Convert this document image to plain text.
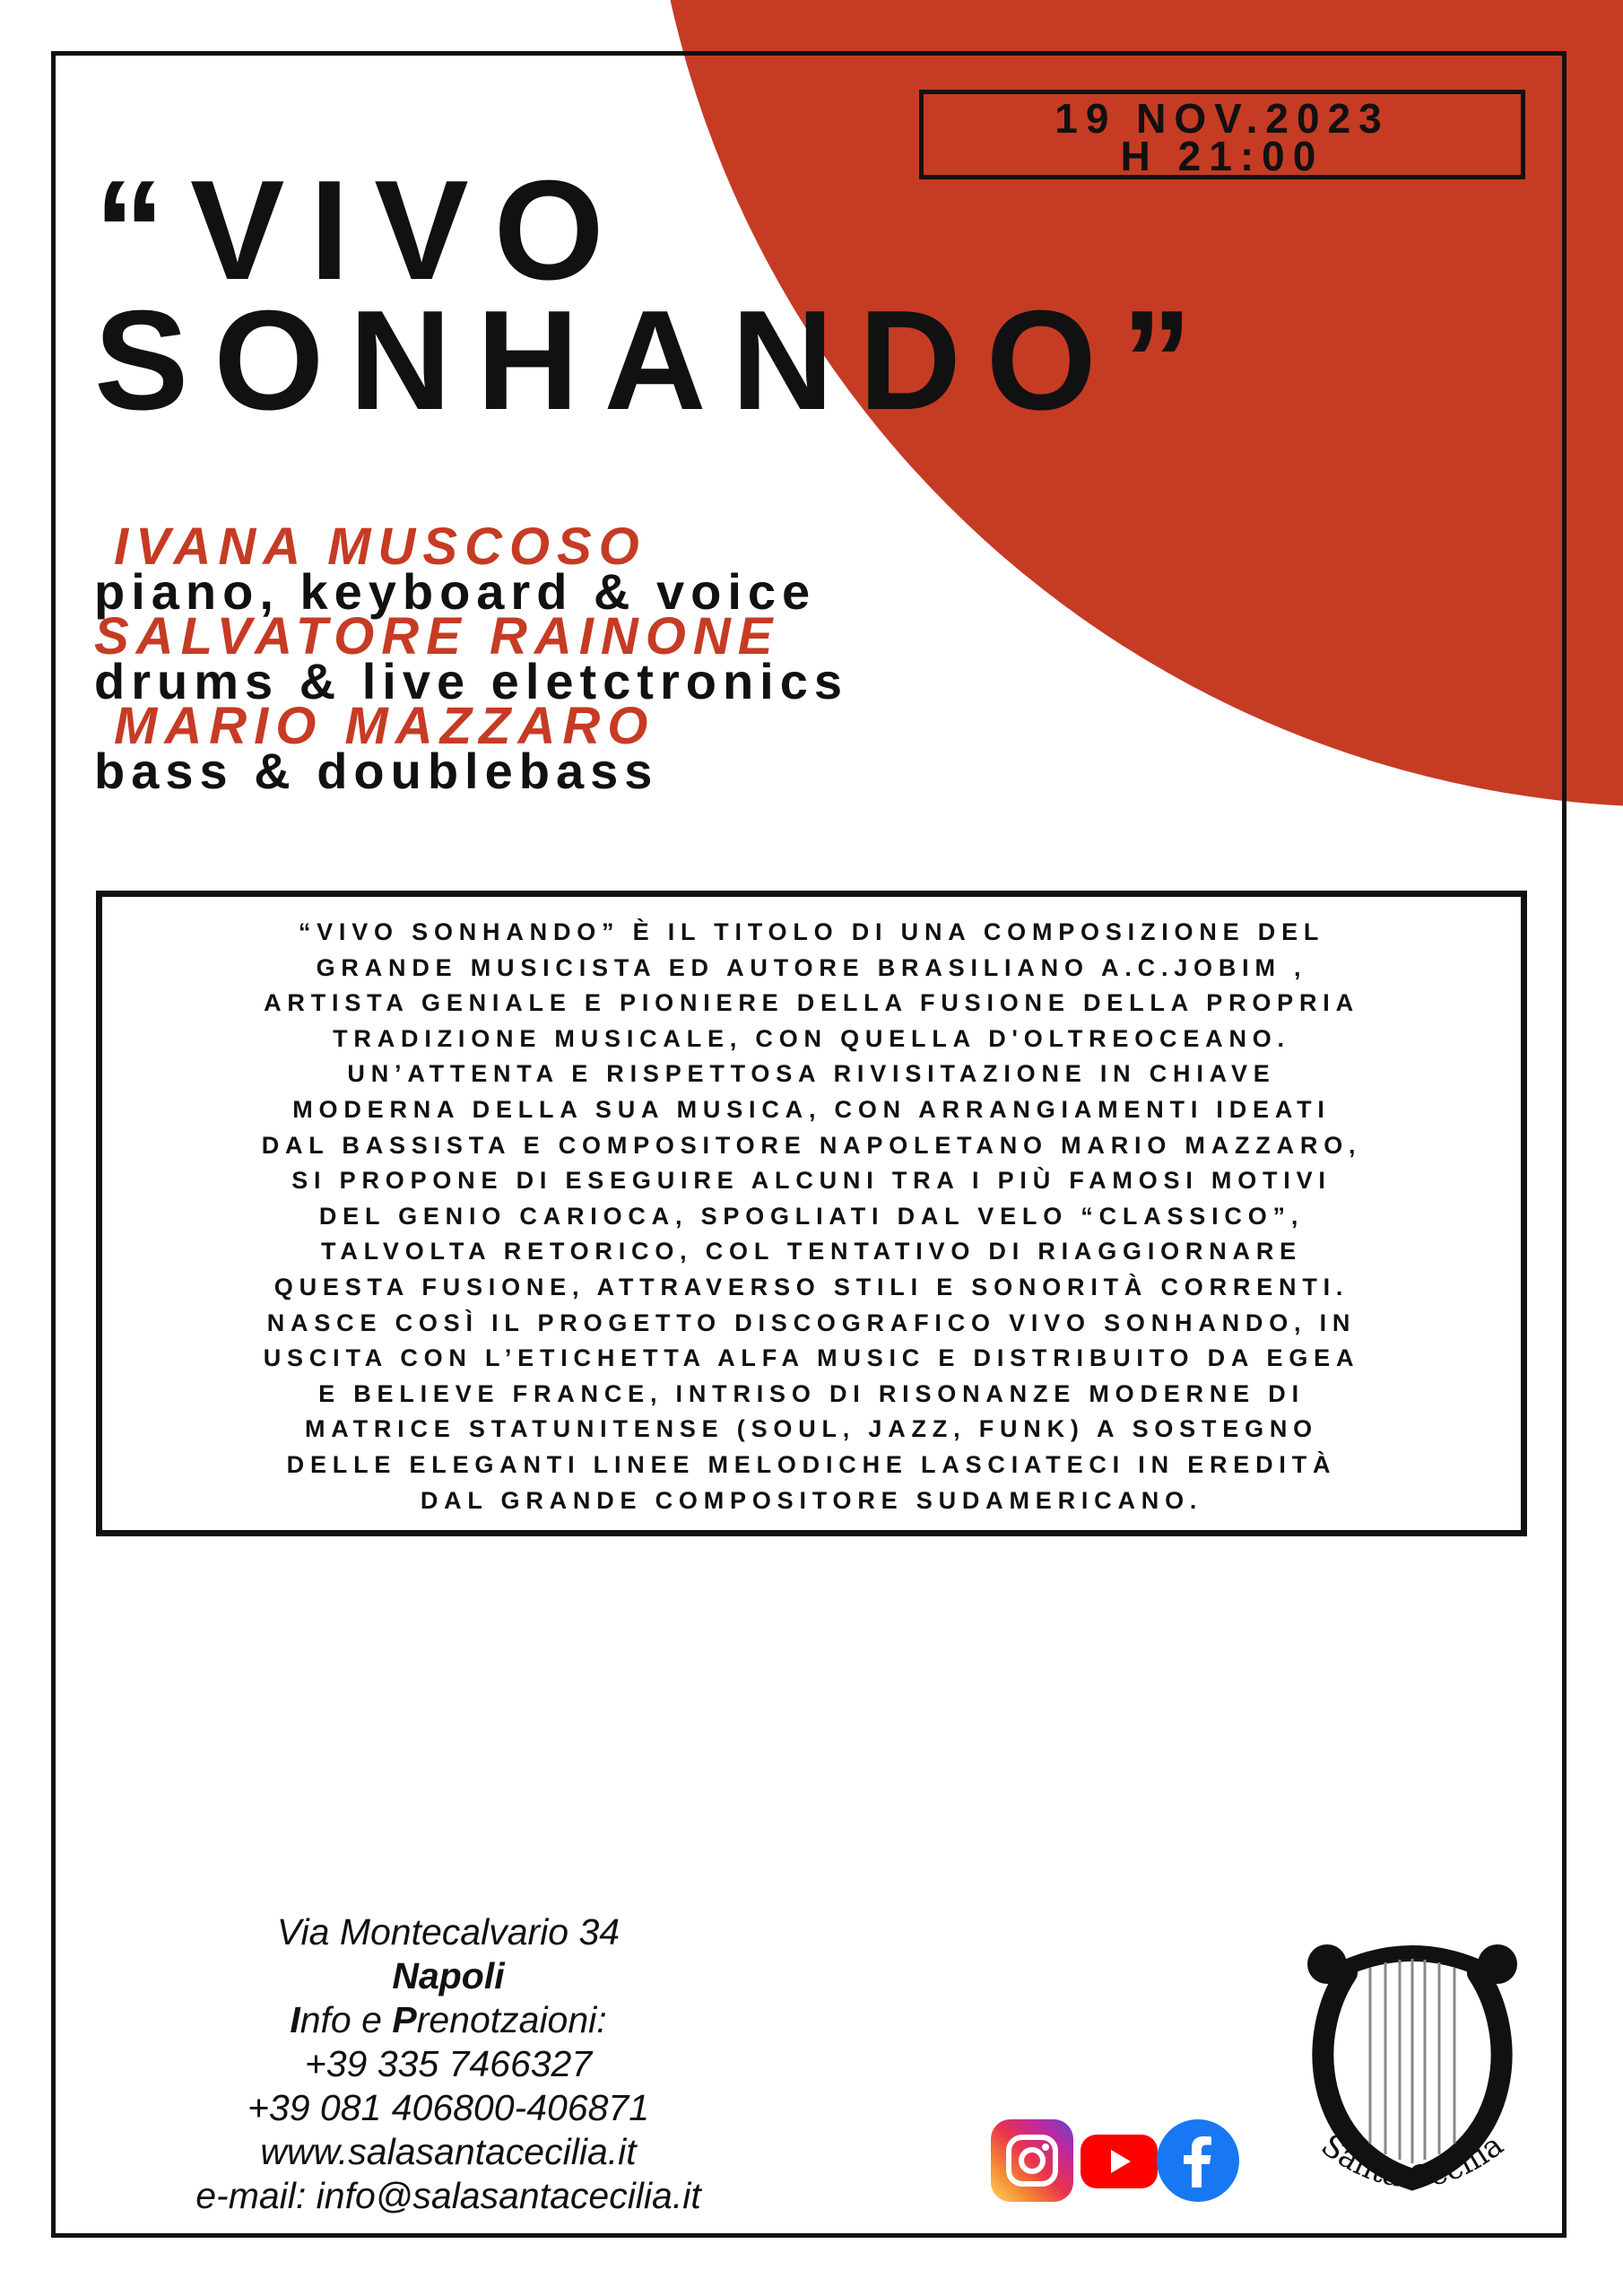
19 NOV.2023
H 21:00
“VIVO
SONHANDO”
IVANA MUSCOSO
piano, keyboard & voice
SALVATORE RAINONE
drums & live eletctronics
MARIO MAZZARO
bass & doublebass
“VIVO SONHANDO” È IL TITOLO DI UNA COMPOSIZIONE DEL
GRANDE MUSICISTA ED AUTORE BRASILIANO A.C.JOBIM ,
ARTISTA GENIALE E PIONIERE DELLA FUSIONE DELLA PROPRIA
TRADIZIONE MUSICALE, CON QUELLA D'OLTREOCEANO.
UN’ATTENTA E RISPETTOSA RIVISITAZIONE IN CHIAVE
MODERNA DELLA SUA MUSICA, CON ARRANGIAMENTI IDEATI
DAL BASSISTA E COMPOSITORE NAPOLETANO MARIO MAZZARO,
SI PROPONE DI ESEGUIRE ALCUNI TRA I PIÙ FAMOSI MOTIVI
DEL GENIO CARIOCA, SPOGLIATI DAL VELO “CLASSICO”,
TALVOLTA RETORICO, COL TENTATIVO DI RIAGGIORNARE
QUESTA FUSIONE, ATTRAVERSO STILI E SONORITÀ CORRENTI.
NASCE COSÌ IL PROGETTO DISCOGRAFICO VIVO SONHANDO, IN
USCITA CON L’ETICHETTA ALFA MUSIC E DISTRIBUITO DA EGEA
E BELIEVE FRANCE, INTRISO DI RISONANZE MODERNE DI
MATRICE STATUNITENSE (SOUL, JAZZ, FUNK) A SOSTEGNO
DELLE ELEGANTI LINEE MELODICHE LASCIATECI IN EREDITÀ
DAL GRANDE COMPOSITORE SUDAMERICANO.
Via Montecalvario 34
Napoli
Info e Prenotzaioni:
+39 335 7466327
+39 081 406800-406871
www.salasantacecilia.it
e-mail: info@salasantacecilia.it
Santa Cecilia
